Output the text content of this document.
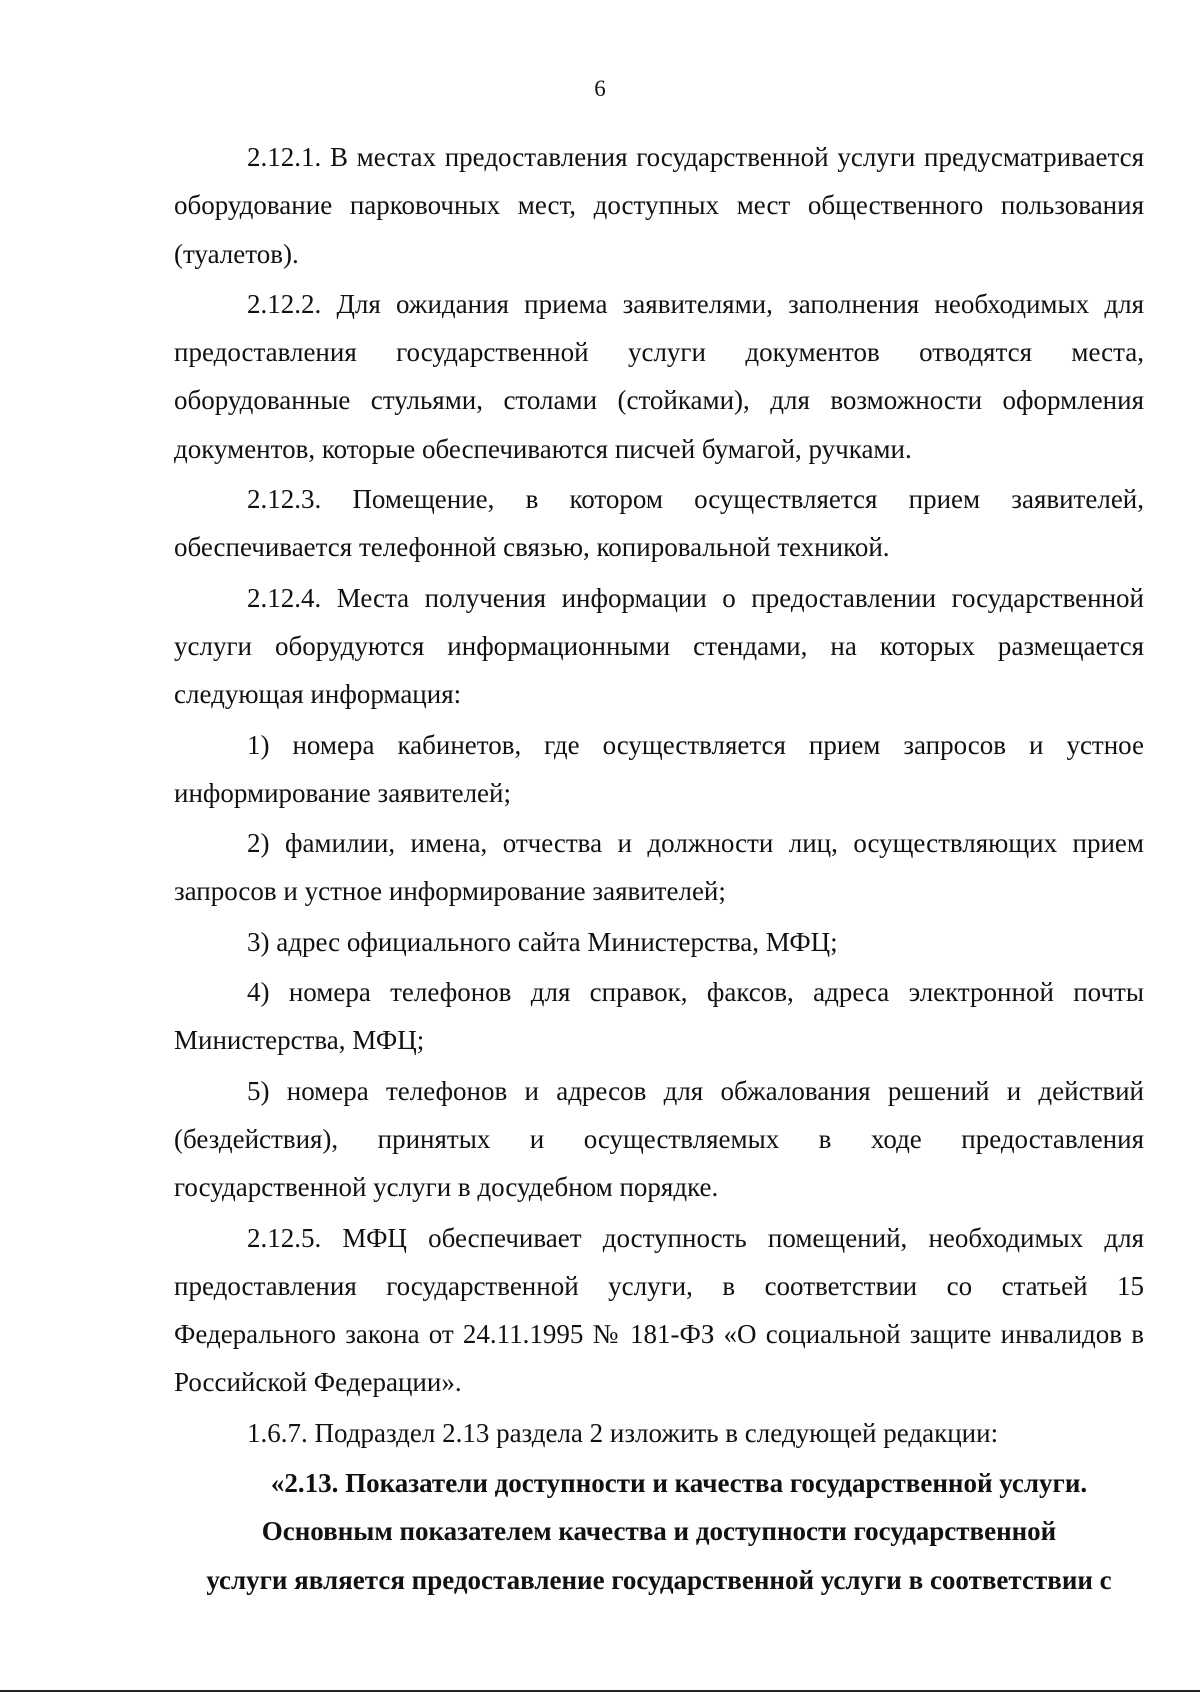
6

2.12.1. В местах предоставления государственной услуги предусматривается оборудование парковочных мест, доступных мест общественного пользования (туалетов).

2.12.2. Для ожидания приема заявителями, заполнения необходимых для предоставления государственной услуги документов отводятся места, оборудованные стульями, столами (стойками), для возможности оформления документов, которые обеспечиваются писчей бумагой, ручками.

2.12.3. Помещение, в котором осуществляется прием заявителей, обеспечивается телефонной связью, копировальной техникой.

2.12.4. Места получения информации о предоставлении государственной услуги оборудуются информационными стендами, на которых размещается следующая информация:

1) номера кабинетов, где осуществляется прием запросов и устное информирование заявителей;

2) фамилии, имена, отчества и должности лиц, осуществляющих прием запросов и устное информирование заявителей;

3) адрес официального сайта Министерства, МФЦ;

4) номера телефонов для справок, факсов, адреса электронной почты Министерства, МФЦ;

5) номера телефонов и адресов для обжалования решений и действий (бездействия), принятых и осуществляемых в ходе предоставления государственной услуги в досудебном порядке.

2.12.5. МФЦ обеспечивает доступность помещений, необходимых для предоставления государственной услуги, в соответствии со статьей 15 Федерального закона от 24.11.1995 № 181-ФЗ «О социальной защите инвалидов в Российской Федерации».

1.6.7. Подраздел 2.13 раздела 2 изложить в следующей редакции:

«2.13. Показатели доступности и качества государственной услуги.

Основным показателем качества и доступности государственной

услуги является предоставление государственной услуги в соответствии с
